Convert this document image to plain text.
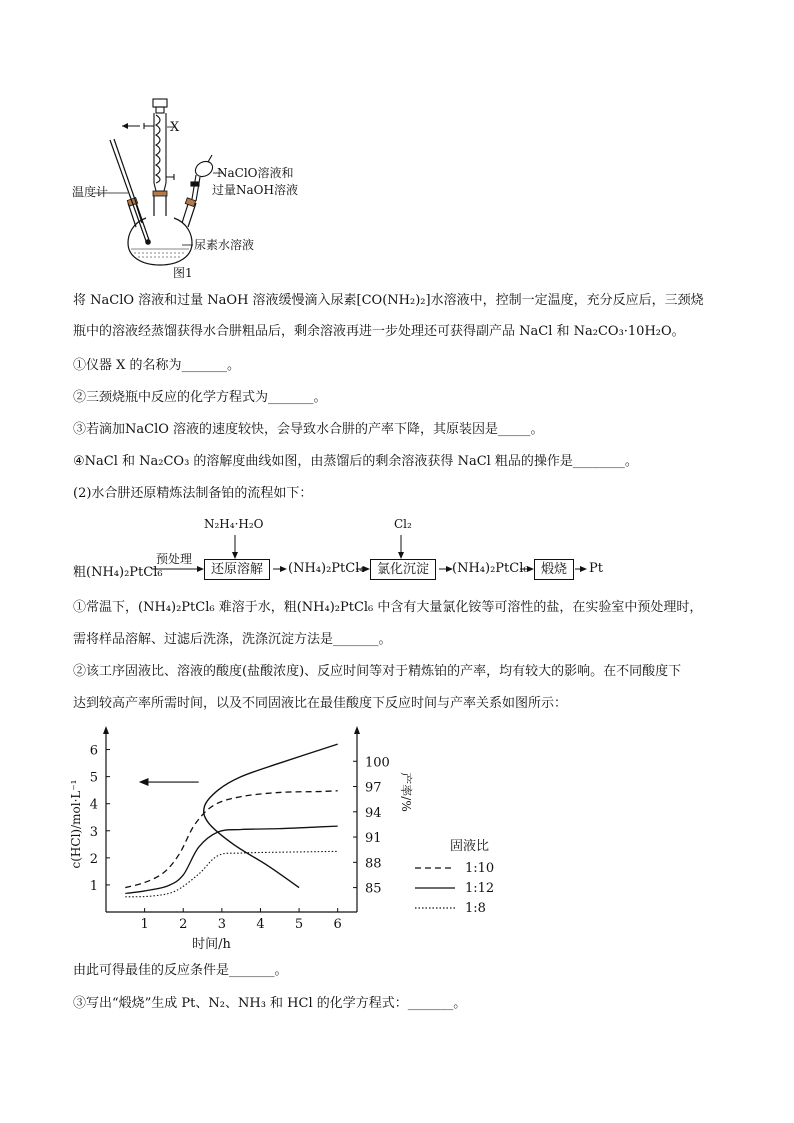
X
NaClO溶液和
过量NaOH溶液
温度计
尿素水溶液
图1
将 NaClO 溶液和过量 NaOH 溶液缓慢滴入尿素[CO(NH₂)₂]水溶液中，控制一定温度，充分反应后，三颈烧
瓶中的溶液经蒸馏获得水合肼粗品后，剩余溶液再进一步处理还可获得副产品 NaCl 和 Na₂CO₃·10H₂O。
①仪器 X 的名称为_______。
②三颈烧瓶中反应的化学方程式为_______。
③若滴加NaClO 溶液的速度较快，会导致水合肼的产率下降，其原装因是_____。
④NaCl 和 Na₂CO₃ 的溶解度曲线如图，由蒸馏后的剩余溶液获得 NaCl 粗品的操作是________。
(2)水合肼还原精炼法制备铂的流程如下：
粗(NH₄)₂PtCl₆
预处理
N₂H₄·H₂O
还原溶解	(NH₄)₂PtCl₄
Cl₂
氯化沉淀	(NH₄)₂PtCl₆ 煅烧	Pt
①常温下，(NH₄)₂PtCl₆ 难溶于水，粗(NH₄)₂PtCl₆ 中含有大量氯化铵等可溶性的盐，在实验室中预处理时，
需将样品溶解、过滤后洗涤，洗涤沉淀方法是_______。
②该工序固液比、溶液的酸度(盐酸浓度)、反应时间等对于精炼铂的产率，均有较大的影响。在不同酸度下
达到较高产率所需时间，以及不同固液比在最佳酸度下反应时间与产率关系如图所示：
1 2 3 4 5 6
1
2
3
4
5
6
85
88
91
94
97
100
时间/h
c(HCl)/mol·L⁻¹	产率/%
固液比
1:10
1:12
1:8
由此可得最佳的反应条件是_______。
③写出“煅烧”生成 Pt、N₂、NH₃ 和 HCl 的化学方程式：_______。
